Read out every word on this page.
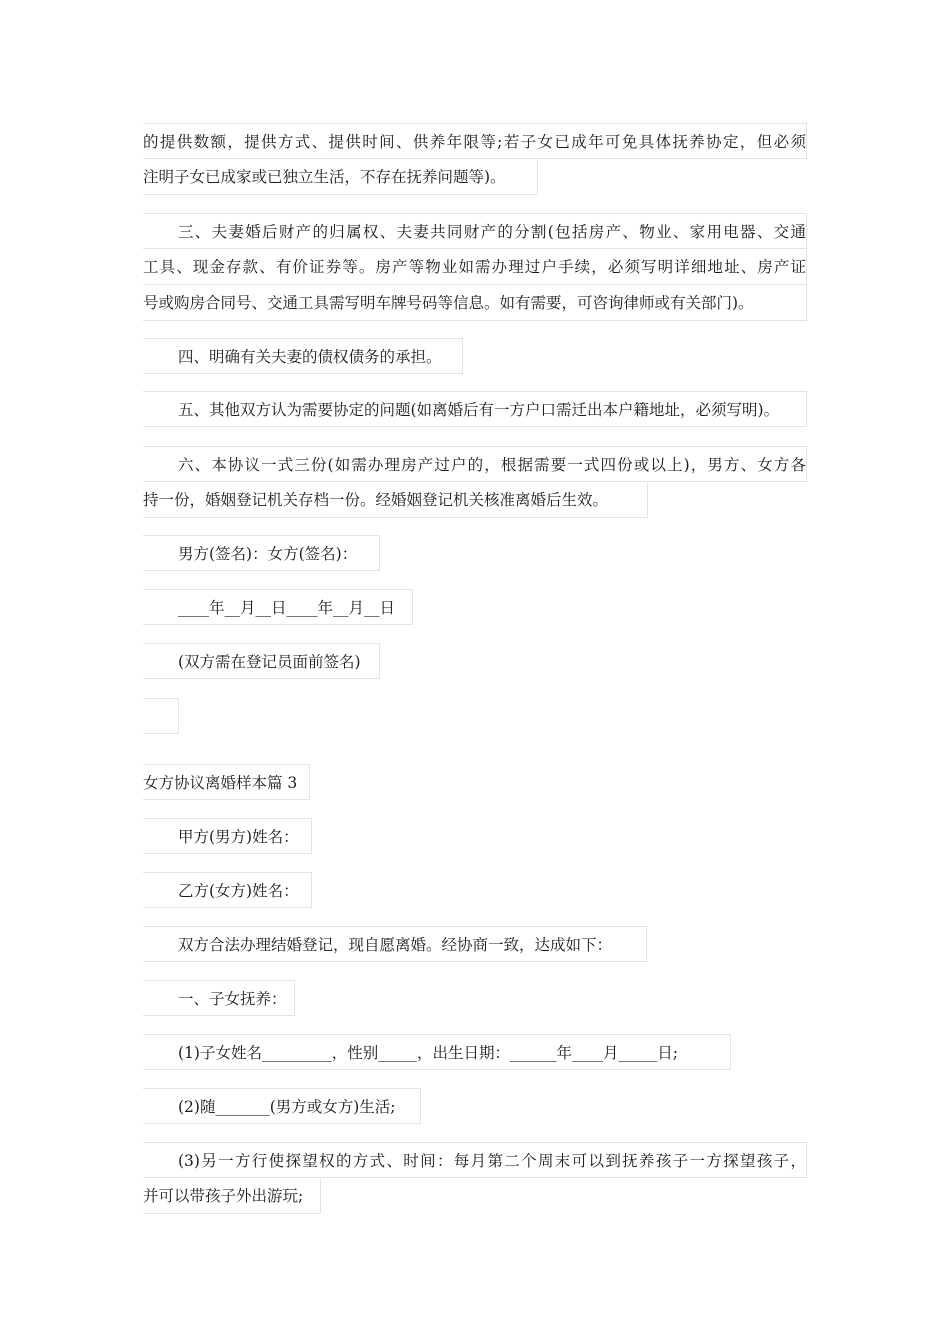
的提供数额，提供方式、提供时间、供养年限等;若子女已成年可免具体抚养协定，但必须
注明子女已成家或已独立生活，不存在抚养问题等)。
三、夫妻婚后财产的归属权、夫妻共同财产的分割(包括房产、物业、家用电器、交通
工具、现金存款、有价证券等。房产等物业如需办理过户手续，必须写明详细地址、房产证
号或购房合同号、交通工具需写明车牌号码等信息。如有需要，可咨询律师或有关部门)。
四、明确有关夫妻的债权债务的承担。
五、其他双方认为需要协定的问题(如离婚后有一方户口需迁出本户籍地址，必须写明)。
六、本协议一式三份(如需办理房产过户的，根据需要一式四份或以上)，男方、女方各
持一份，婚姻登记机关存档一份。经婚姻登记机关核准离婚后生效。
男方(签名)：女方(签名)：
____年__月__日____年__月__日
(双方需在登记员面前签名)
女方协议离婚样本篇 3
甲方(男方)姓名：
乙方(女方)姓名：
双方合法办理结婚登记，现自愿离婚。经协商一致，达成如下：
一、子女抚养：
(1)子女姓名_________，性别_____，出生日期：______年____月_____日;
(2)随_______(男方或女方)生活;
(3)另一方行使探望权的方式、时间：每月第二个周末可以到抚养孩子一方探望孩子，
并可以带孩子外出游玩;
